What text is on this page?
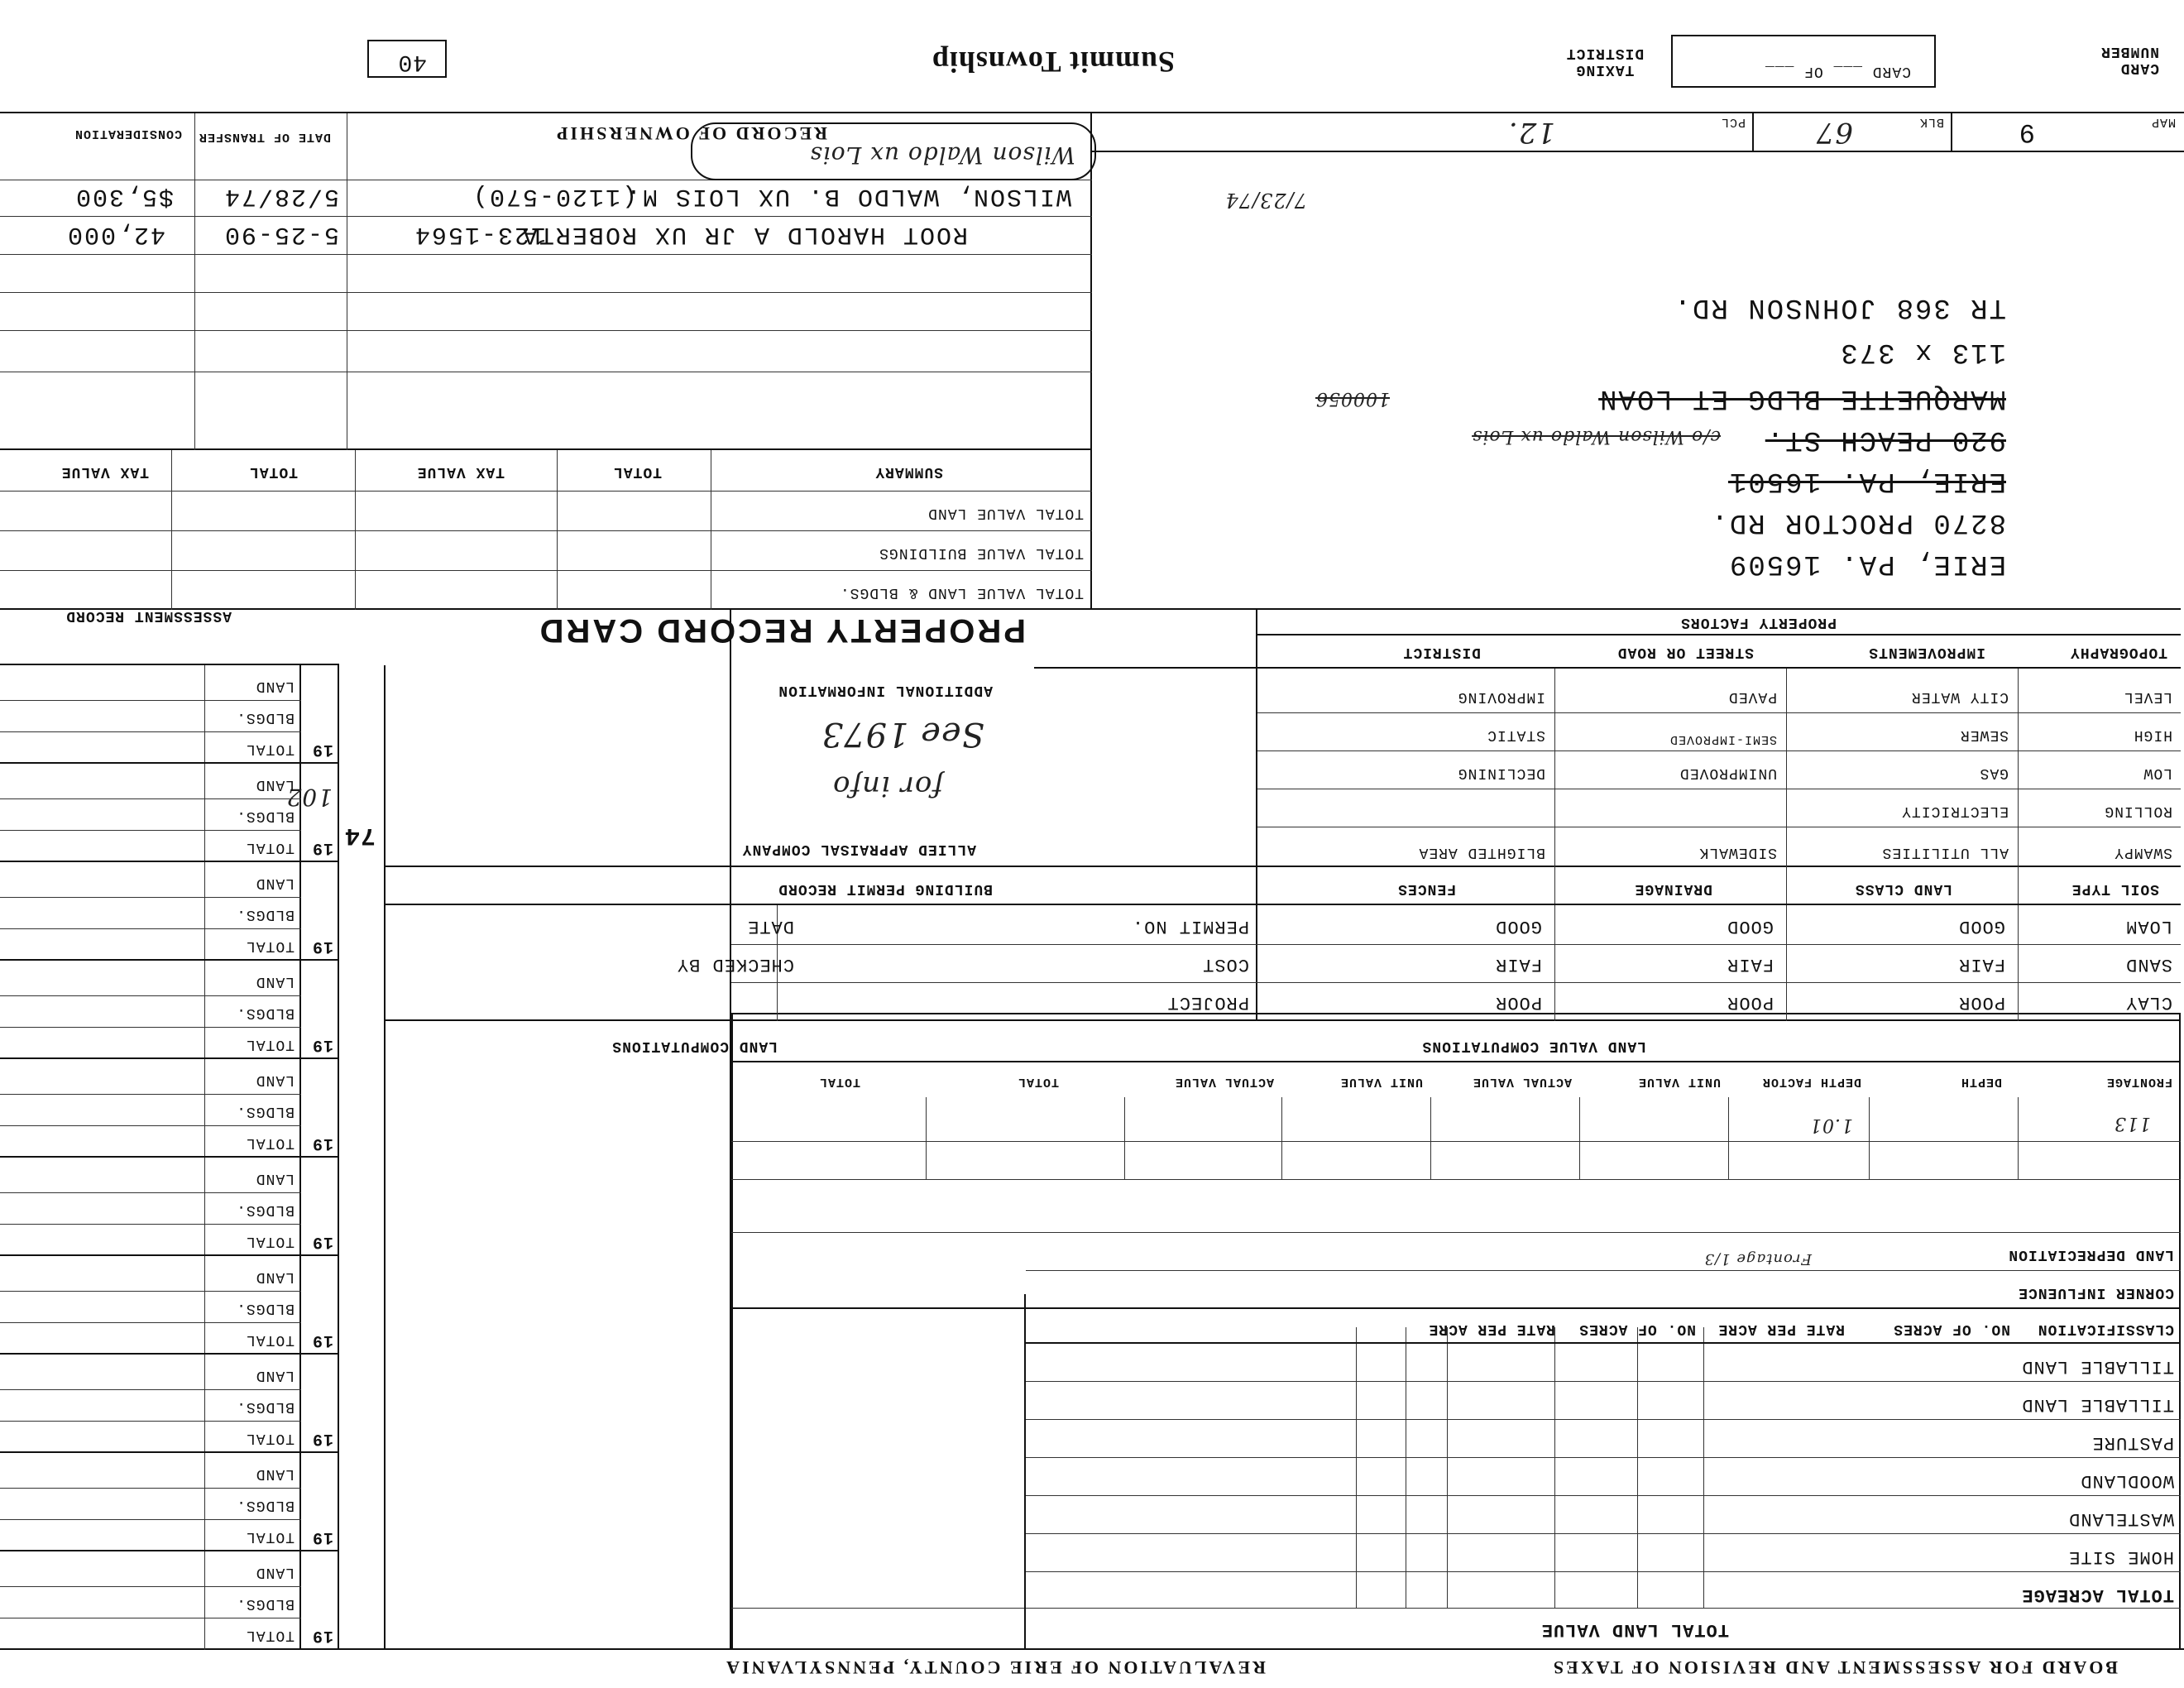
REVALUATION OF ERIE COUNTY, PENNSYLVANIA	BOARD FOR ASSESSMENT AND REVISION OF TAXES
TOTAL LAND VALUE
TOTAL ACREAGE
HOME SITE
WASTELAND
WOODLAND
PASTURE
TILLABLE LAND
TILLABLE LAND
CLASSIFICATION
NO. OF ACRES
RATE PER ACRE
NO. OF ACRES
RATE PER ACRE
CORNER INFLUENCE
LAND DEPRECIATION
Frontage 1/3
113
1.01
FRONTAGE
DEPTH
DEPTH FACTOR
UNIT VALUE
ACTUAL VALUE
UNIT VALUE
ACTUAL VALUE
TOTAL
TOTAL
LAND VALUE COMPUTATIONS
LAND COMPUTATIONS
CLAY
POOR
POOR
POOR
PROJECT
SAND
FAIR
FAIR
FAIR
COST
CHECKED BY
LOAM
GOOD
GOOD
GOOD
PERMIT NO.
DATE
SOIL TYPE
LAND CLASS
DRAINAGE
FENCES
BUILDING PERMIT RECORD
SWAMPY
ALL UTILITIES
SIDEWALK
BLIGHTED AREA
ALLIED APPRAISAL COMPANY
ROLLING
ELECTRICITY
LOW
GAS
UNIMPROVED
DECLINING
for info
HIGH
SEWER
SEMI-IMPROVED
STATIC
See 1973
LEVEL
CITY WATER
PAVED
IMPROVING
ADDITIONAL INFORMATION
TOPOGRAPHY
IMPROVEMENTS
STREET OR ROAD
DISTRICT
PROPERTY FACTORS
PROPERTY RECORD CARD
ASSESSMENT RECORD
74
102
ERIE, PA. 16509
8270 PROCTOR RD.
ERIE, PA. 16501
920 PEACH ST.
c/o Wilson Waldo ux Lois
MARQUETTE BLDG ET LOAN
100056
113 x 373
TR 368 JOHNSON RD.
TOTAL VALUE LAND & BLDGS.
TOTAL VALUE BUILDINGS
TOTAL VALUE LAND
SUMMARY
TOTAL
TAX VALUE
TOTAL
TAX VALUE
ROOT HAROLD A JR UX ROBERTA
123-1564
5-25-90
42,000
WILSON, WALDO B. UX LOIS M.
(1120-570)
5/28/74
$5,300	7/23/74
Wilson Waldo ux Lois
RECORD OF OWNERSHIP
DATE OF TRANSFER
CONSIDERATION
MAP
9
BLK
67
PCL
12.
CARD NUMBER
CARD ___ OF ___
TAXING DISTRICT
Summit Township
40
19
TOTAL
BLDGS.
LAND
19
TOTAL
BLDGS.
LAND
19
TOTAL
BLDGS.
LAND
19
TOTAL
BLDGS.
LAND
19
TOTAL
BLDGS.
LAND
19
TOTAL
BLDGS.
LAND
19
TOTAL
BLDGS.
LAND
19
TOTAL
BLDGS.
LAND
19
TOTAL
BLDGS.
LAND
19
TOTAL
BLDGS.
LAND
